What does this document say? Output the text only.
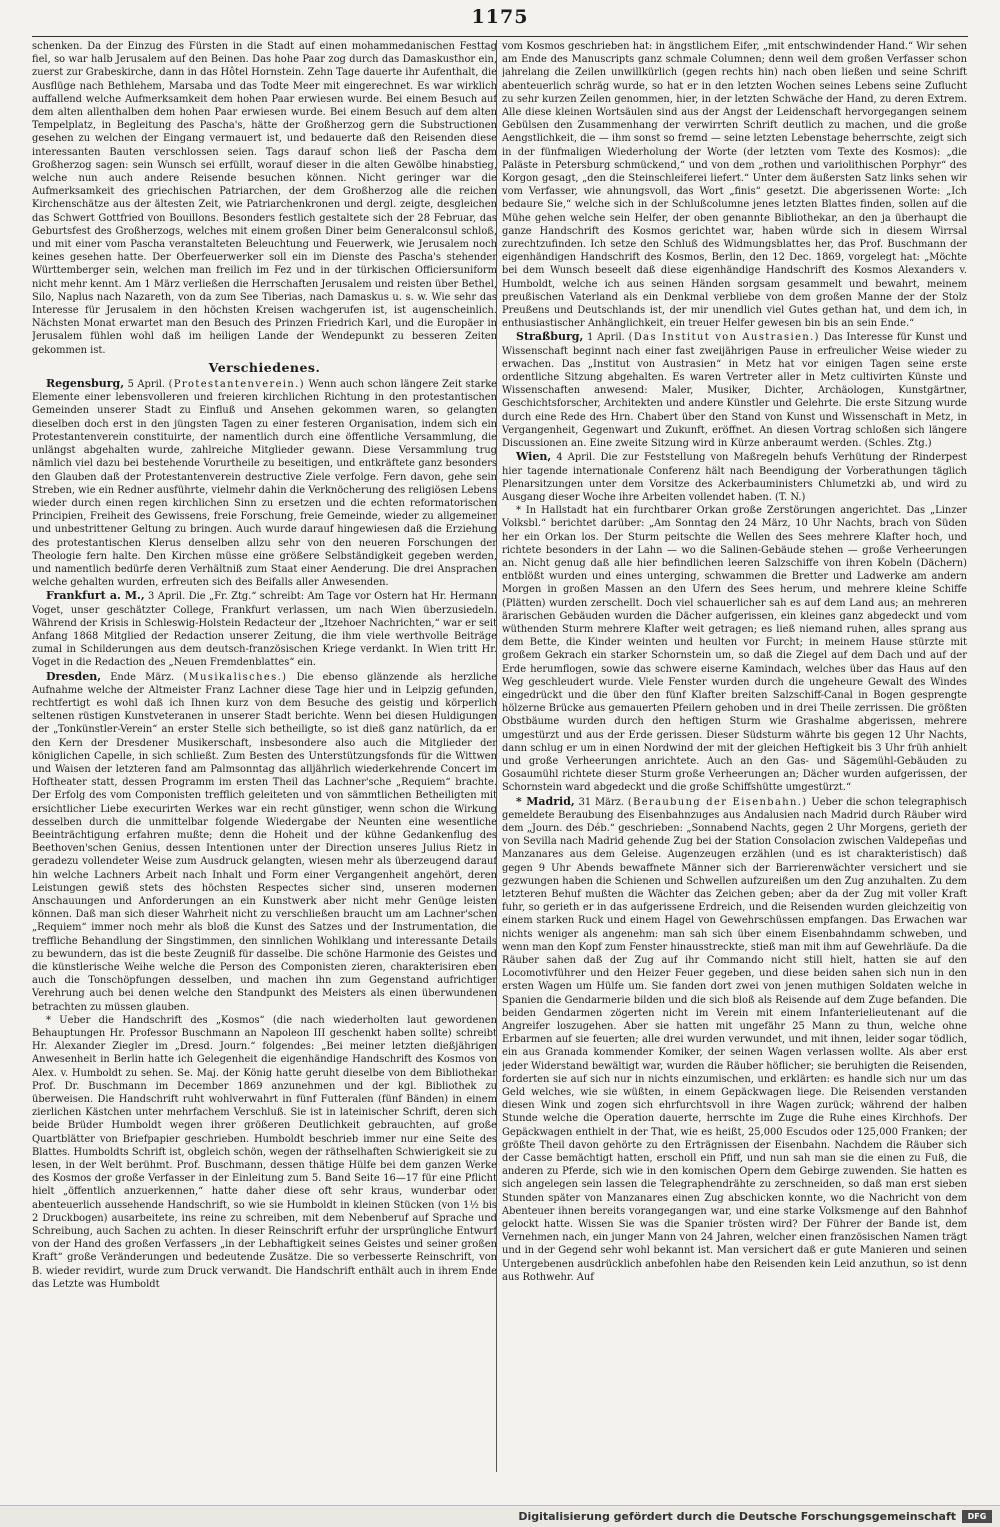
1175

schenken. Da der Einzug des Fürsten in die Stadt auf einen mohammedanischen Festtag fiel, so war halb Jerusalem auf den Beinen. Das hohe Paar zog durch das Damaskusthor ein, zuerst zur Grabeskirche, dann in das Hôtel Hornstein. Zehn Tage dauerte ihr Aufenthalt, die Ausflüge nach Bethlehem, Marsaba und das Todte Meer mit eingerechnet. Es war wirklich auffallend welche Aufmerksamkeit dem hohen Paar erwiesen wurde. Bei einem Besuch auf dem alten allenthalben dem hohen Paar erwiesen wurde. Bei einem Besuch auf dem alten Tempelplatz, in Begleitung des Pascha's, hätte der Großherzog gern die Substructionen gesehen zu welchen der Eingang vermauert ist, und bedauerte daß den Reisenden diese interessanten Bauten verschlossen seien. Tags darauf schon ließ der Pascha dem Großherzog sagen: sein Wunsch sei erfüllt, worauf dieser in die alten Gewölbe hinabstieg, welche nun auch andere Reisende besuchen können. Nicht geringer war die Aufmerksamkeit des griechischen Patriarchen, der dem Großherzog alle die reichen Kirchenschätze aus der ältesten Zeit, wie Patriarchenkronen und dergl. zeigte, desgleichen das Schwert Gottfried von Bouillons. Besonders festlich gestaltete sich der 28 Februar, das Geburtsfest des Großherzogs, welches mit einem großen Diner beim Generalconsul schloß, und mit einer vom Pascha veranstalteten Beleuchtung und Feuerwerk, wie Jerusalem noch keines gesehen hatte. Der Oberfeuerwerker soll ein im Dienste des Pascha's stehender Württemberger sein, welchen man freilich im Fez und in der türkischen Officiersuniform nicht mehr kennt. Am 1 März verließen die Herrschaften Jerusalem und reisten über Bethel, Silo, Naplus nach Nazareth, von da zum See Tiberias, nach Damaskus u. s. w. Wie sehr das Interesse für Jerusalem in den höchsten Kreisen wachgerufen ist, ist augenscheinlich. Nächsten Monat erwartet man den Besuch des Prinzen Friedrich Karl, und die Europäer in Jerusalem fühlen wohl daß im heiligen Lande der Wendepunkt zu besseren Zeiten gekommen ist.

Verschiedenes.

Regensburg, 5 April. (Protestantenverein.) Wenn auch schon längere Zeit starke Elemente einer lebensvolleren und freieren kirchlichen Richtung in den protestantischen Gemeinden unserer Stadt zu Einfluß und Ansehen gekommen waren, so gelangten dieselben doch erst in den jüngsten Tagen zu einer festeren Organisation, indem sich ein Protestantenverein constituirte, der namentlich durch eine öffentliche Versammlung, die unlängst abgehalten wurde, zahlreiche Mitglieder gewann. Diese Versammlung trug nämlich viel dazu bei bestehende Vorurtheile zu beseitigen, und entkräftete ganz besonders den Glauben daß der Protestantenverein destructive Ziele verfolge. Fern davon, gehe sein Streben, wie ein Redner ausführte, vielmehr dahin die Verknöcherung des religiösen Lebens wieder durch einen regen kirchlichen Sinn zu ersetzen und die echten reformatorischen Principien, Freiheit des Gewissens, freie Forschung, freie Gemeinde, wieder zu allgemeiner und unbestrittener Geltung zu bringen. Auch wurde darauf hingewiesen daß die Erziehung des protestantischen Klerus denselben allzu sehr von den neueren Forschungen der Theologie fern halte. Den Kirchen müsse eine größere Selbständigkeit gegeben werden, und namentlich bedürfe deren Verhältniß zum Staat einer Aenderung. Die drei Ansprachen welche gehalten wurden, erfreuten sich des Beifalls aller Anwesenden.

Frankfurt a. M., 3 April. Die „Fr. Ztg.“ schreibt: Am Tage vor Ostern hat Hr. Hermann Voget, unser geschätzter College, Frankfurt verlassen, um nach Wien überzusiedeln. Während der Krisis in Schleswig-Holstein Redacteur der „Itzehoer Nachrichten,“ war er seit Anfang 1868 Mitglied der Redaction unserer Zeitung, die ihm viele werthvolle Beiträge zumal in Schilderungen aus dem deutsch-französischen Kriege verdankt. In Wien tritt Hr. Voget in die Redaction des „Neuen Fremdenblattes“ ein.

Dresden, Ende März. (Musikalisches.) Die ebenso glänzende als herzliche Aufnahme welche der Altmeister Franz Lachner diese Tage hier und in Leipzig gefunden, rechtfertigt es wohl daß ich Ihnen kurz von dem Besuche des geistig und körperlich seltenen rüstigen Kunstveteranen in unserer Stadt berichte. Wenn bei diesen Huldigungen der „Tonkünstler-Verein“ an erster Stelle sich betheiligte, so ist dieß ganz natürlich, da er den Kern der Dresdener Musikerschaft, insbesondere also auch die Mitglieder der königlichen Capelle, in sich schließt. Zum Besten des Unterstützungsfonds für die Wittwen und Waisen der letzteren fand am Palmsonntag das alljährlich wiederkehrende Concert im Hoftheater statt, dessen Programm im ersten Theil das Lachner'sche „Requiem“ brachte. Der Erfolg des vom Componisten trefflich geleiteten und von sämmtlichen Betheiligten mit ersichtlicher Liebe execurirten Werkes war ein recht günstiger, wenn schon die Wirkung desselben durch die unmittelbar folgende Wiedergabe der Neunten eine wesentliche Beeinträchtigung erfahren mußte; denn die Hoheit und der kühne Gedankenflug des Beethoven'schen Genius, dessen Intentionen unter der Direction unseres Julius Rietz in geradezu vollendeter Weise zum Ausdruck gelangten, wiesen mehr als überzeugend darauf hin welche Lachners Arbeit nach Inhalt und Form einer Vergangenheit angehört, deren Leistungen gewiß stets des höchsten Respectes sicher sind, unseren modernen Anschauungen und Anforderungen an ein Kunstwerk aber nicht mehr Genüge leisten können. Daß man sich dieser Wahrheit nicht zu verschließen braucht um am Lachner'schen „Requiem“ immer noch mehr als bloß die Kunst des Satzes und der Instrumentation, die treffliche Behandlung der Singstimmen, den sinnlichen Wohlklang und interessante Details zu bewundern, das ist die beste Zeugniß für dasselbe. Die schöne Harmonie des Geistes und die künstlerische Weihe welche die Person des Componisten zieren, charakterisiren eben auch die Tonschöpfungen desselben, und machen ihn zum Gegenstand aufrichtiger Verehrung auch bei denen welche den Standpunkt des Meisters als einen überwundenen betrachten zu müssen glauben.

* Ueber die Handschrift des „Kosmos“ (die nach wiederholten laut gewordenen Behauptungen Hr. Professor Buschmann an Napoleon III geschenkt haben sollte) schreibt Hr. Alexander Ziegler im „Dresd. Journ.“ folgendes: „Bei meiner letzten dießjährigen Anwesenheit in Berlin hatte ich Gelegenheit die eigenhändige Handschrift des Kosmos von Alex. v. Humboldt zu sehen. Se. Maj. der König hatte geruht dieselbe von dem Bibliothekar Prof. Dr. Buschmann im December 1869 anzunehmen und der kgl. Bibliothek zu überweisen. Die Handschrift ruht wohlverwahrt in fünf Futteralen (fünf Bänden) in einem zierlichen Kästchen unter mehrfachem Verschluß. Sie ist in lateinischer Schrift, deren sich beide Brüder Humboldt wegen ihrer größeren Deutlichkeit gebrauchten, auf große Quartblätter von Briefpapier geschrieben. Humboldt beschrieb immer nur eine Seite des Blattes. Humboldts Schrift ist, obgleich schön, wegen der räthselhaften Schwierigkeit sie zu lesen, in der Welt berühmt. Prof. Buschmann, dessen thätige Hülfe bei dem ganzen Werke des Kosmos der große Verfasser in der Einleitung zum 5. Band Seite 16—17 für eine Pflicht hielt „öffentlich anzuerkennen,“ hatte daher diese oft sehr kraus, wunderbar oder abenteuerlich aussehende Handschrift, so wie sie Humboldt in kleinen Stücken (von 1½ bis 2 Druckbogen) ausarbeitete, ins reine zu schreiben, mit dem Nebenberuf auf Sprache und Schreibung, auch Sachen zu achten. In dieser Reinschrift erfuhr der ursprüngliche Entwurf von der Hand des großen Verfassers „in der Lebhaftigkeit seines Geistes und seiner großen Kraft“ große Veränderungen und bedeutende Zusätze. Die so verbesserte Reinschrift, von B. wieder revidirt, wurde zum Druck verwandt. Die Handschrift enthält auch in ihrem Ende das Letzte was Humboldt

vom Kosmos geschrieben hat: in ängstlichem Eifer, „mit entschwindender Hand.“ Wir sehen am Ende des Manuscripts ganz schmale Columnen; denn weil dem großen Verfasser schon jahrelang die Zeilen unwillkürlich (gegen rechts hin) nach oben ließen und seine Schrift abenteuerlich schräg wurde, so hat er in den letzten Wochen seines Lebens seine Zuflucht zu sehr kurzen Zeilen genommen, hier, in der letzten Schwäche der Hand, zu deren Extrem. Alle diese kleinen Wortsäulen sind aus der Angst der Leidenschaft hervorgegangen seinem Gebülsen den Zusammenhang der verwirrten Schrift deutlich zu machen, und die große Aengstlichkeit, die — ihm sonst so fremd — seine letzten Lebenstage beherrschte, zeigt sich in der fünfmaligen Wiederholung der Worte (der letzten vom Texte des Kosmos): „die Paläste in Petersburg schmückend,“ und von dem „rothen und variolithischen Porphyr“ des Korgon gesagt, „den die Steinschleiferei liefert.“ Unter dem äußersten Satz links sehen wir vom Verfasser, wie ahnungsvoll, das Wort „finis“ gesetzt. Die abgerissenen Worte: „Ich bedaure Sie,“ welche sich in der Schlußcolumne jenes letzten Blattes finden, sollen auf die Mühe gehen welche sein Helfer, der oben genannte Bibliothekar, an den ja überhaupt die ganze Handschrift des Kosmos gerichtet war, haben würde sich in diesem Wirrsal zurechtzufinden. Ich setze den Schluß des Widmungsblattes her, das Prof. Buschmann der eigenhändigen Handschrift des Kosmos, Berlin, den 12 Dec. 1869, vorgelegt hat: „Möchte bei dem Wunsch beseelt daß diese eigenhändige Handschrift des Kosmos Alexanders v. Humboldt, welche ich aus seinen Händen sorgsam gesammelt und bewahrt, meinem preußischen Vaterland als ein Denkmal verbliebe von dem großen Manne der der Stolz Preußens und Deutschlands ist, der mir unendlich viel Gutes gethan hat, und dem ich, in enthusiastischer Anhänglichkeit, ein treuer Helfer gewesen bin bis an sein Ende.“

Straßburg, 1 April. (Das Institut von Austrasien.) Das Interesse für Kunst und Wissenschaft beginnt nach einer fast zweijährigen Pause in erfreulicher Weise wieder zu erwachen. Das „Institut von Austrasien“ in Metz hat vor einigen Tagen seine erste ordentliche Sitzung abgehalten. Es waren Vertreter aller in Metz cultivirten Künste und Wissenschaften anwesend: Maler, Musiker, Dichter, Archäologen, Kunstgärtner, Geschichtsforscher, Architekten und andere Künstler und Gelehrte. Die erste Sitzung wurde durch eine Rede des Hrn. Chabert über den Stand von Kunst und Wissenschaft in Metz, in Vergangenheit, Gegenwart und Zukunft, eröffnet. An diesen Vortrag schloßen sich längere Discussionen an. Eine zweite Sitzung wird in Kürze anberaumt werden. (Schles. Ztg.)

Wien, 4 April. Die zur Feststellung von Maßregeln behufs Verhütung der Rinderpest hier tagende internationale Conferenz hält nach Beendigung der Vorberathungen täglich Plenarsitzungen unter dem Vorsitze des Ackerbauministers Chlumetzki ab, und wird zu Ausgang dieser Woche ihre Arbeiten vollendet haben. (T. N.)

* In Hallstadt hat ein furchtbarer Orkan große Zerstörungen angerichtet. Das „Linzer Volksbl.“ berichtet darüber: „Am Sonntag den 24 März, 10 Uhr Nachts, brach von Süden her ein Orkan los. Der Sturm peitschte die Wellen des Sees mehrere Klafter hoch, und richtete besonders in der Lahn — wo die Salinen-Gebäude stehen — große Verheerungen an. Nicht genug daß alle hier befindlichen leeren Salzschiffe von ihren Kobeln (Dächern) entblößt wurden und eines unterging, schwammen die Bretter und Ladwerke am andern Morgen in großen Massen an den Ufern des Sees herum, und mehrere kleine Schiffe (Plätten) wurden zerschellt. Doch viel schauerlicher sah es auf dem Land aus; an mehreren ärarischen Gebäuden wurden die Dächer aufgerissen, ein kleines ganz abgedeckt und vom wüthenden Sturm mehrere Klafter weit getragen; es ließ niemand ruhen, alles sprang aus dem Bette, die Kinder weinten und heulten vor Furcht; in meinem Hause stürzte mit großem Gekrach ein starker Schornstein um, so daß die Ziegel auf dem Dach und auf der Erde herumflogen, sowie das schwere eiserne Kamindach, welches über das Haus auf den Weg geschleudert wurde. Viele Fenster wurden durch die ungeheure Gewalt des Windes eingedrückt und die über den fünf Klafter breiten Salzschiff-Canal in Bogen gesprengte hölzerne Brücke aus gemauerten Pfeilern gehoben und in drei Theile zerrissen. Die größten Obstbäume wurden durch den heftigen Sturm wie Grashalme abgerissen, mehrere umgestürzt und aus der Erde gerissen. Dieser Südsturm währte bis gegen 12 Uhr Nachts, dann schlug er um in einen Nordwind der mit der gleichen Heftigkeit bis 3 Uhr früh anhielt und große Verheerungen anrichtete. Auch an den Gas- und Sägemühl-Gebäuden zu Gosaumühl richtete dieser Sturm große Verheerungen an; Dächer wurden aufgerissen, der Schornstein ward abgedeckt und die große Schiffshütte umgestürzt.“

* Madrid, 31 März. (Beraubung der Eisenbahn.) Ueber die schon telegraphisch gemeldete Beraubung des Eisenbahnzuges aus Andalusien nach Madrid durch Räuber wird dem „Journ. des Déb.“ geschrieben: „Sonnabend Nachts, gegen 2 Uhr Morgens, gerieth der von Sevilla nach Madrid gehende Zug bei der Station Consolacion zwischen Valdepeñas und Manzanares aus dem Geleise. Augenzeugen erzählen (und es ist charakteristisch) daß gegen 9 Uhr Abends bewaffnete Männer sich der Barrierenwächter versichert und sie gezwungen haben die Schienen und Schwellen aufzureißen um den Zug anzuhalten. Zu dem letzteren Behuf mußten die Wächter das Zeichen geben; aber da der Zug mit voller Kraft fuhr, so gerieth er in das aufgerissene Erdreich, und die Reisenden wurden gleichzeitig von einem starken Ruck und einem Hagel von Gewehrschüssen empfangen. Das Erwachen war nichts weniger als angenehm: man sah sich über einem Eisenbahndamm schweben, und wenn man den Kopf zum Fenster hinausstreckte, stieß man mit ihm auf Gewehrläufe. Da die Räuber sahen daß der Zug auf ihr Commando nicht still hielt, hatten sie auf den Locomotivführer und den Heizer Feuer gegeben, und diese beiden sahen sich nun in den ersten Wagen um Hülfe um. Sie fanden dort zwei von jenen muthigen Soldaten welche in Spanien die Gendarmerie bilden und die sich bloß als Reisende auf dem Zuge befanden. Die beiden Gendarmen zögerten nicht im Verein mit einem Infanterielieutenant auf die Angreifer loszugehen. Aber sie hatten mit ungefähr 25 Mann zu thun, welche ohne Erbarmen auf sie feuerten; alle drei wurden verwundet, und mit ihnen, leider sogar tödlich, ein aus Granada kommender Komiker, der seinen Wagen verlassen wollte. Als aber erst jeder Widerstand bewältigt war, wurden die Räuber höflicher; sie beruhigten die Reisenden, forderten sie auf sich nur in nichts einzumischen, und erklärten: es handle sich nur um das Geld welches, wie sie wüßten, in einem Gepäckwagen liege. Die Reisenden verstanden diesen Wink und zogen sich ehrfurchtsvoll in ihre Wagen zurück; während der halben Stunde welche die Operation dauerte, herrschte im Zuge die Ruhe eines Kirchhofs. Der Gepäckwagen enthielt in der That, wie es heißt, 25,000 Escudos oder 125,000 Franken; der größte Theil davon gehörte zu den Erträgnissen der Eisenbahn. Nachdem die Räuber sich der Casse bemächtigt hatten, erscholl ein Pfiff, und nun sah man sie die einen zu Fuß, die anderen zu Pferde, sich wie in den komischen Opern dem Gebirge zuwenden. Sie hatten es sich angelegen sein lassen die Telegraphendrähte zu zerschneiden, so daß man erst sieben Stunden später von Manzanares einen Zug abschicken konnte, wo die Nachricht von dem Abenteuer ihnen bereits vorangegangen war, und eine starke Volksmenge auf den Bahnhof gelockt hatte. Wissen Sie was die Spanier trösten wird? Der Führer der Bande ist, dem Vernehmen nach, ein junger Mann von 24 Jahren, welcher einen französischen Namen trägt und in der Gegend sehr wohl bekannt ist. Man versichert daß er gute Manieren und seinen Untergebenen ausdrücklich anbefohlen habe den Reisenden kein Leid anzuthun, so ist denn aus Rothwehr. Auf

Digitalisierung gefördert durch die Deutsche Forschungsgemeinschaft	DFG
